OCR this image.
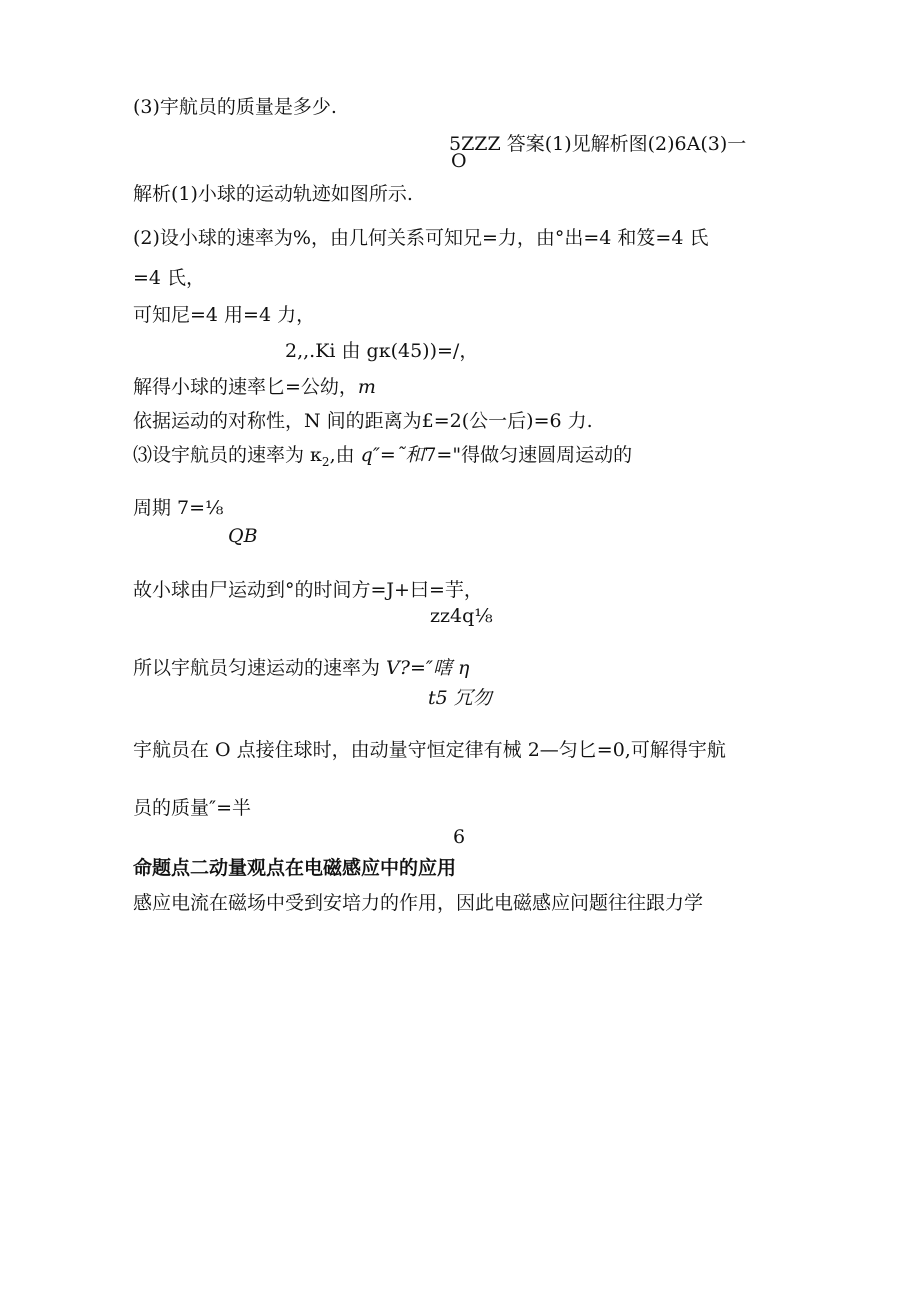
(3)宇航员的质量是多少.
5ZZZ 答案(1)见解析图(2)6A(3)一
O
解析(1)小球的运动轨迹如图所示.
(2)设小球的速率为%，由几何关系可知兄=力，由°出=4 和笈=4 氏
=4 氏，
可知尼=4 用=4 力，
2,,.Ki 由 gκ(45))=/，
解得小球的速率匕=公幼，m
依据运动的对称性，N 间的距离为£=2(公一后)=6 力.
⑶设宇航员的速率为 $\kappa_2$,由 q″=˜和7="得做匀速圆周运动的
周期 7=⅛
QB
故小球由尸运动到°的时间方=J+曰=芋，
zz4q⅛
所以宇航员匀速运动的速率为 V?=″嗐 η
t5 冗勿
宇航员在 O 点接住球时，由动量守恒定律有械 2—匀匕=0,可解得宇航
员的质量″=半
6
命题点二动量观点在电磁感应中的应用
感应电流在磁场中受到安培力的作用，因此电磁感应问题往往跟力学
